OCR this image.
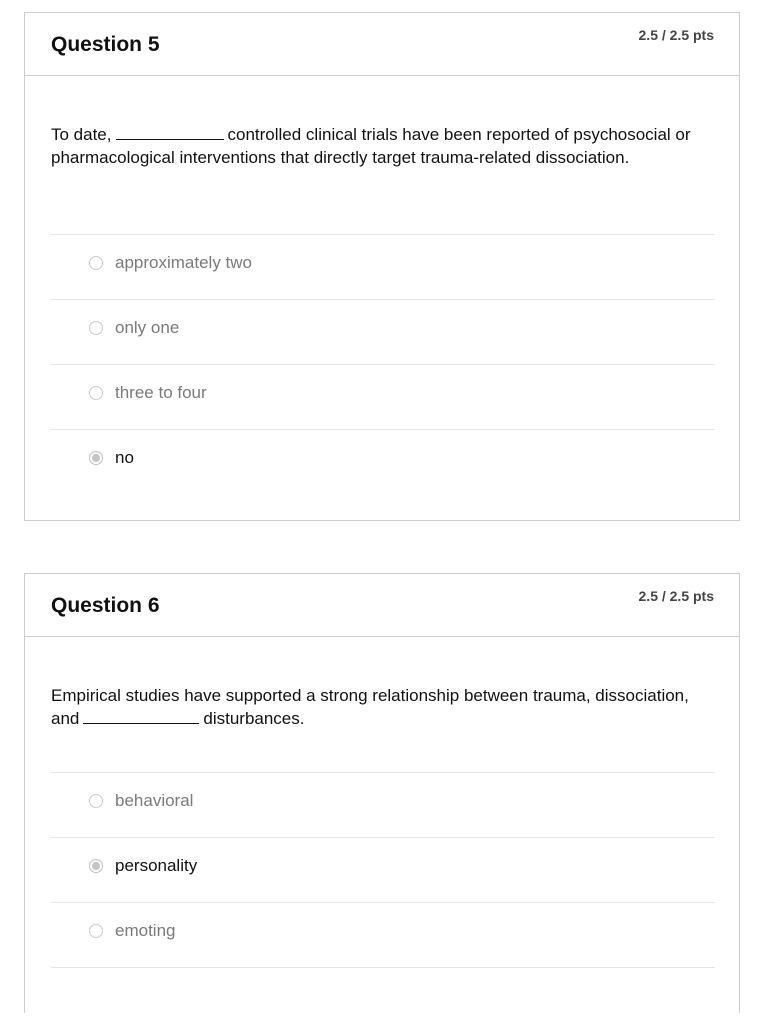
Question 5	2.5 / 2.5 pts
To date,	controlled clinical trials have been reported of psychosocial or pharmacological interventions that directly target trauma-related dissociation.
approximately two
only one
three to four
no
Question 6	2.5 / 2.5 pts
Empirical studies have supported a strong relationship between trauma, dissociation, and	disturbances.
behavioral
personality
emoting
